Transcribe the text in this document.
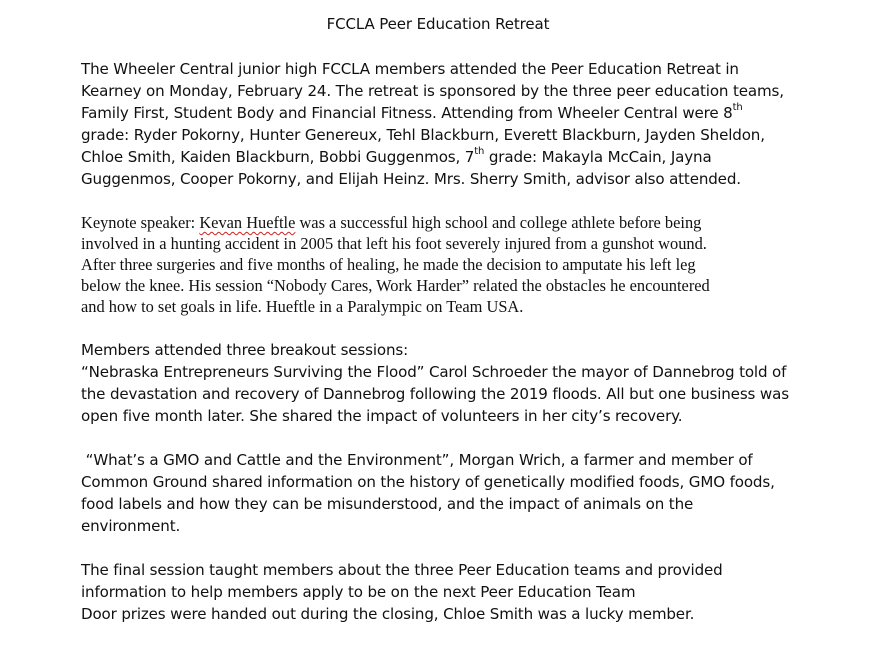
FCCLA Peer Education Retreat
The Wheeler Central junior high FCCLA members attended the Peer Education Retreat in
Kearney on Monday, February 24. The retreat is sponsored by the three peer education teams,
Family First, Student Body and Financial Fitness. Attending from Wheeler Central were 8th
grade: Ryder Pokorny, Hunter Genereux, Tehl Blackburn, Everett Blackburn, Jayden Sheldon,
Chloe Smith, Kaiden Blackburn, Bobbi Guggenmos, 7th grade: Makayla McCain, Jayna
Guggenmos, Cooper Pokorny, and Elijah Heinz. Mrs. Sherry Smith, advisor also attended.
Keynote speaker: Kevan Hueftle was a successful high school and college athlete before being
involved in a hunting accident in 2005 that left his foot severely injured from a gunshot wound.
After three surgeries and five months of healing, he made the decision to amputate his left leg
below the knee. His session “Nobody Cares, Work Harder” related the obstacles he encountered
and how to set goals in life. Hueftle in a Paralympic on Team USA.
Members attended three breakout sessions:
“Nebraska Entrepreneurs Surviving the Flood” Carol Schroeder the mayor of Dannebrog told of
the devastation and recovery of Dannebrog following the 2019 floods. All but one business was
open five month later. She shared the impact of volunteers in her city’s recovery.
“What’s a GMO and Cattle and the Environment”, Morgan Wrich, a farmer and member of
Common Ground shared information on the history of genetically modified foods, GMO foods,
food labels and how they can be misunderstood, and the impact of animals on the
environment.
The final session taught members about the three Peer Education teams and provided
information to help members apply to be on the next Peer Education Team
Door prizes were handed out during the closing, Chloe Smith was a lucky member.
